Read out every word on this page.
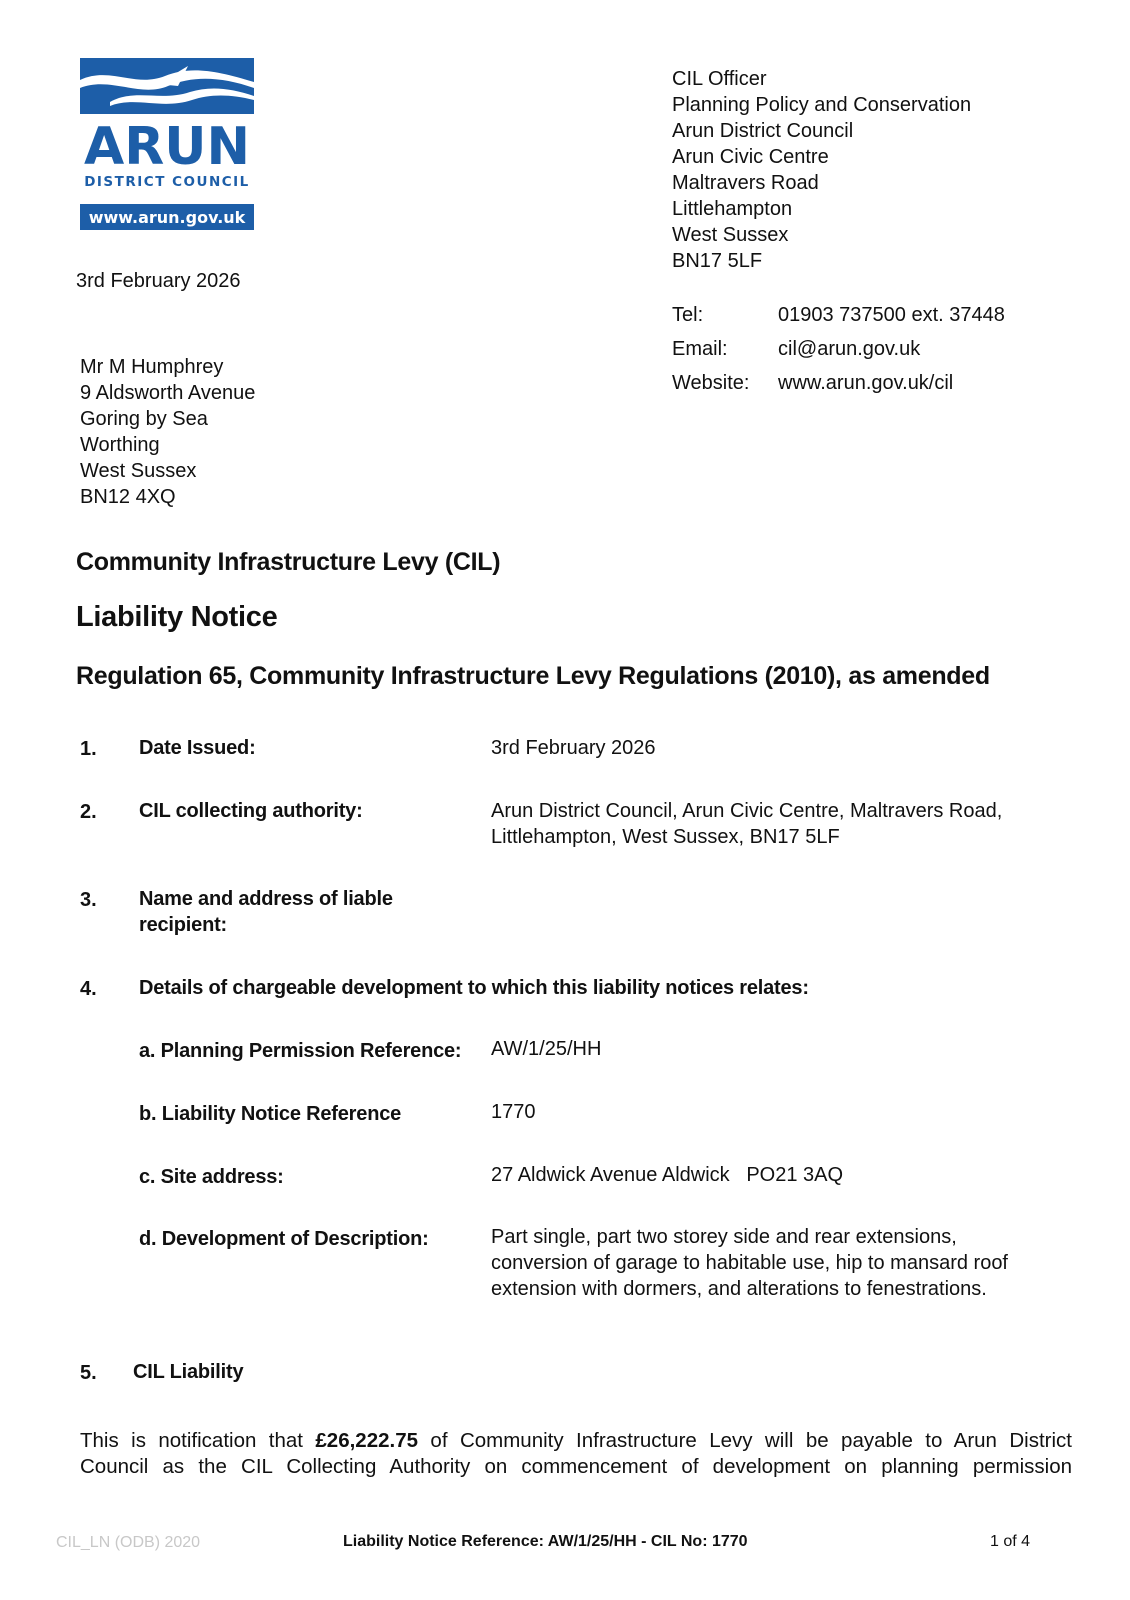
ARUN
DISTRICT COUNCIL
www.arun.gov.uk
CIL Officer
Planning Policy and Conservation
Arun District Council
Arun Civic Centre
Maltravers Road
Littlehampton
West Sussex
BN17 5LF
Tel:	01903 737500 ext. 37448
Email:	cil@arun.gov.uk
Website:	www.arun.gov.uk/cil
3rd February 2026
Mr M Humphrey
9 Aldsworth Avenue
Goring by Sea
Worthing
West Sussex
BN12 4XQ
Community Infrastructure Levy (CIL)
Liability Notice
Regulation 65, Community Infrastructure Levy Regulations (2010), as amended
1. Date Issued:	3rd February 2026
2. CIL collecting authority:	Arun District Council, Arun Civic Centre, Maltravers Road,
Littlehampton, West Sussex, BN17 5LF
3. Name and address of liable
recipient:
4. Details of chargeable development to which this liability notices relates:
a. Planning Permission Reference: AW/1/25/HH
b. Liability Notice Reference	1770
c. Site address:	27 Aldwick Avenue Aldwick   PO21 3AQ
d. Development of Description:	Part single, part two storey side and rear extensions,
conversion of garage to habitable use, hip to mansard roof
extension with dormers, and alterations to fenestrations.
5. CIL Liability
This is notification that £26,222.75 of Community Infrastructure Levy will be payable to Arun District
Council as the CIL Collecting Authority on commencement of development on planning permission
CIL_LN (ODB) 2020	Liability Notice Reference: AW/1/25/HH - CIL No: 1770	1 of 4
